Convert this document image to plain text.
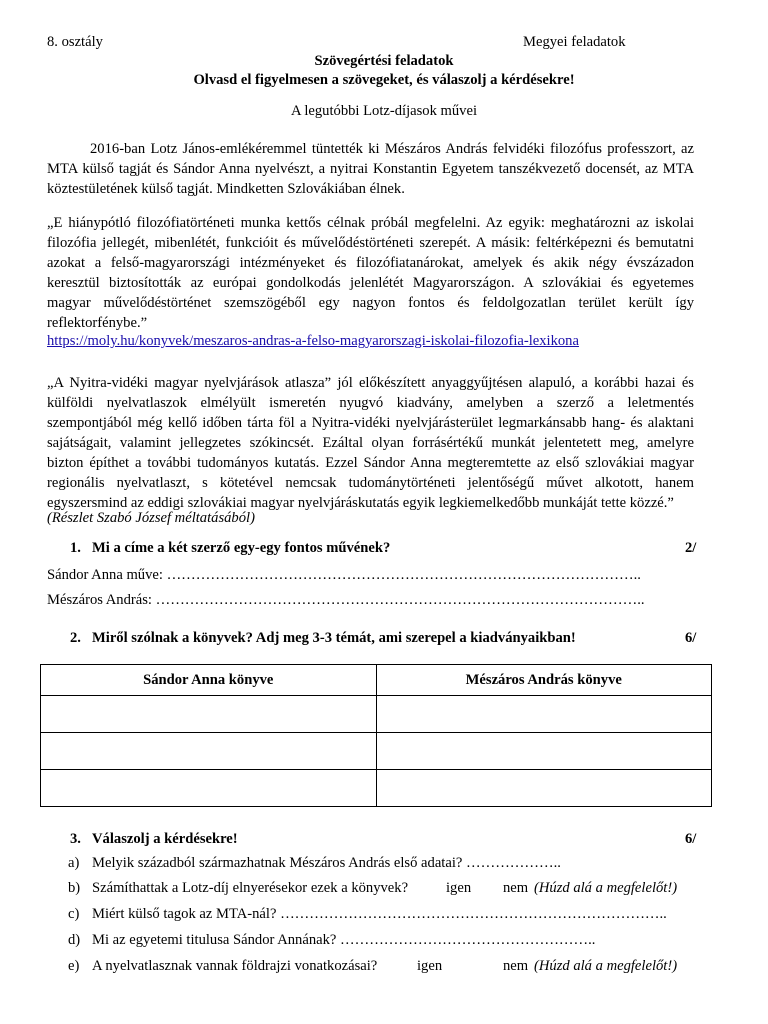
8. osztály	Megyei feladatok
Szövegértési feladatok
Olvasd el figyelmesen a szövegeket, és válaszolj a kérdésekre!
A legutóbbi Lotz-díjasok művei
2016-ban Lotz János-emlékéremmel tüntették ki Mészáros András felvidéki filozófus professzort, az
MTA külső tagját és Sándor Anna nyelvészt, a nyitrai Konstantin Egyetem tanszékvezető docensét, az MTA
köztestületének külső tagját. Mindketten Szlovákiában élnek.
„E hiánypótló filozófiatörténeti munka kettős célnak próbál megfelelni. Az egyik: meghatározni az iskolai
filozófia jellegét, mibenlétét, funkcióit és művelődéstörténeti szerepét. A másik: feltérképezni és bemutatni
azokat a felső-magyarországi intézményeket és filozófiatanárokat, amelyek és akik négy évszázadon
keresztül biztosították az európai gondolkodás jelenlétét Magyarországon. A szlovákiai és egyetemes
magyar művelődéstörténet szemszögéből egy nagyon fontos és feldolgozatlan terület került így
reflektorfénybe.”
https://moly.hu/konyvek/meszaros-andras-a-felso-magyarorszagi-iskolai-filozofia-lexikona
„A Nyitra-vidéki magyar nyelvjárások atlasza” jól előkészített anyaggyűjtésen alapuló, a korábbi hazai és
külföldi nyelvatlaszok elmélyült ismeretén nyugvó kiadvány, amelyben a szerző a leletmentés
szempontjából még kellő időben tárta föl a Nyitra-vidéki nyelvjárásterület legmarkánsabb hang- és alaktani
sajátságait, valamint jellegzetes szókincsét. Ezáltal olyan forrásértékű munkát jelentetett meg, amelyre
bizton építhet a további tudományos kutatás. Ezzel Sándor Anna megteremtette az első szlovákiai magyar
regionális nyelvatlaszt, s kötetével nemcsak tudománytörténeti jelentőségű művet alkotott, hanem
egyszersmind az eddigi szlovákiai magyar nyelvjáráskutatás egyik legkiemelkedőbb munkáját tette közzé.”
(Részlet Szabó József méltatásából)
1. Mi a címe a két szerző egy-egy fontos művének?	2/
Sándor Anna műve: ……………………………………………………………………………………..
Mészáros András: ………………………………………………………………………………………..
2. Miről szólnak a könyvek? Adj meg 3-3 témát, ami szerepel a kiadványaikban!	6/
Sándor Anna könyve	Mészáros András könyve

3. Válaszolj a kérdésekre!	6/
a) Melyik századból származhatnak Mészáros András első adatai? ………………..
b) Számíthattak a Lotz-díj elnyerésekor ezek a könyvek?	igen nem (Húzd alá a megfelelőt!)
c) Miért külső tagok az MTA-nál? ……………………………………………………………………..
d) Mi az egyetemi titulusa Sándor Annának? ……………………………………………..
e) A nyelvatlasznak vannak földrajzi vonatkozásai?	igen	nem (Húzd alá a megfelelőt!)
